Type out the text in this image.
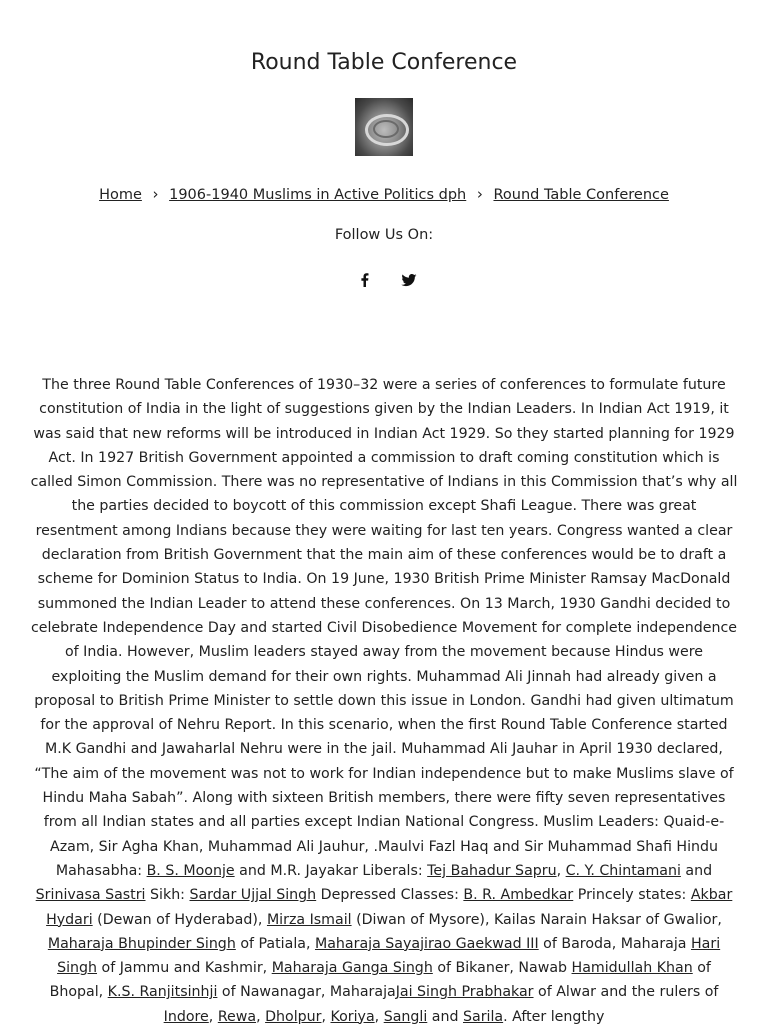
Round Table Conference
Home › 1906-1940 Muslims in Active Politics dph › Round Table Conference
Follow Us On:
The three Round Table Conferences of 1930–32 were a series of conferences to formulate future constitution of India in the light of suggestions given by the Indian Leaders. In Indian Act 1919, it was said that new reforms will be introduced in Indian Act 1929. So they started planning for 1929 Act. In 1927 British Government appointed a commission to draft coming constitution which is called Simon Commission. There was no representative of Indians in this Commission that’s why all the parties decided to boycott of this commission except Shafi League. There was great resentment among Indians because they were waiting for last ten years. Congress wanted a clear declaration from British Government that the main aim of these conferences would be to draft a scheme for Dominion Status to India. On 19 June, 1930 British Prime Minister Ramsay MacDonald summoned the Indian Leader to attend these conferences. On 13 March, 1930 Gandhi decided to celebrate Independence Day and started Civil Disobedience Movement for complete independence of India. However, Muslim leaders stayed away from the movement because Hindus were exploiting the Muslim demand for their own rights. Muhammad Ali Jinnah had already given a proposal to British Prime Minister to settle down this issue in London. Gandhi had given ultimatum for the approval of Nehru Report. In this scenario, when the first Round Table Conference started M.K Gandhi and Jawaharlal Nehru were in the jail. Muhammad Ali Jauhar in April 1930 declared, “The aim of the movement was not to work for Indian independence but to make Muslims slave of Hindu Maha Sabah”. Along with sixteen British members, there were fifty seven representatives from all Indian states and all parties except Indian National Congress. Muslim Leaders: Quaid-e-Azam, Sir Agha Khan, Muhammad Ali Jauhur, .Maulvi Fazl Haq and Sir Muhammad Shafi Hindu Mahasabha: B. S. Moonje and M.R. Jayakar Liberals: Tej Bahadur Sapru, C. Y. Chintamani and Srinivasa Sastri Sikh: Sardar Ujjal Singh Depressed Classes: B. R. Ambedkar Princely states: Akbar Hydari (Dewan of Hyderabad), Mirza Ismail (Diwan of Mysore), Kailas Narain Haksar of Gwalior, Maharaja Bhupinder Singh of Patiala, Maharaja Sayajirao Gaekwad III of Baroda, Maharaja Hari Singh of Jammu and Kashmir, Maharaja Ganga Singh of Bikaner, Nawab Hamidullah Khan of Bhopal, K.S. Ranjitsinhji of Nawanagar, MaharajaJai Singh Prabhakar of Alwar and the rulers of Indore, Rewa, Dholpur, Koriya, Sangli and Sarila. After lengthy
